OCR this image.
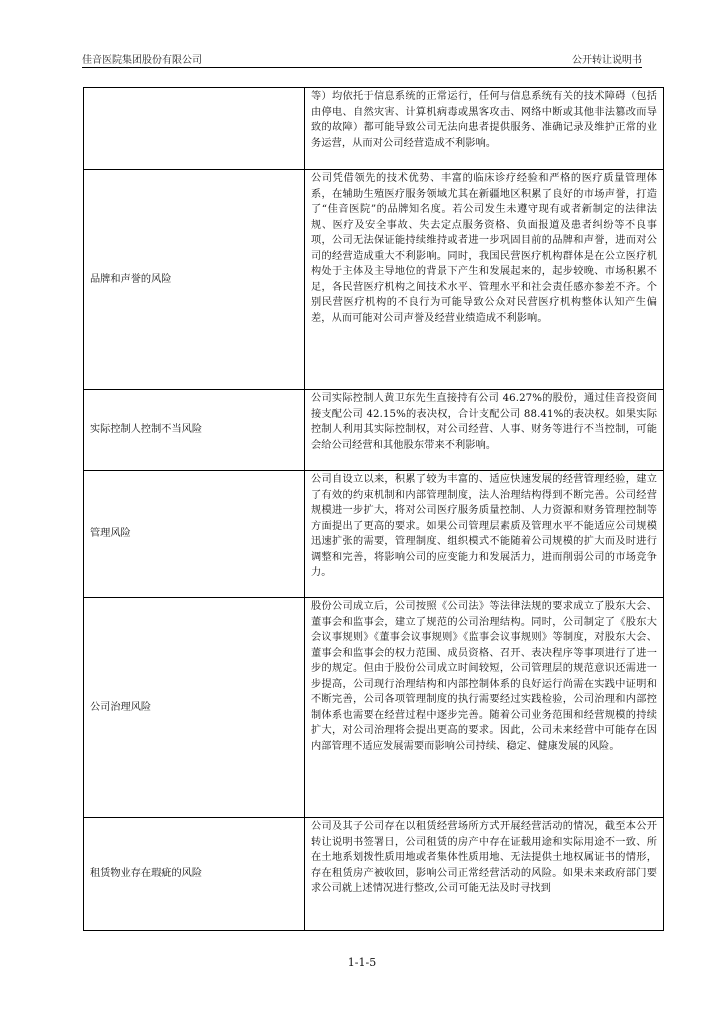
佳音医院集团股份有限公司	公开转让说明书
	等）均依托于信息系统的正常运行，任何与信息系统有关的技术障碍（包括由停电、自然灾害、计算机病毒或黑客攻击、网络中断或其他非法篡改而导致的故障）都可能导致公司无法向患者提供服务、准确记录及维护正常的业务运营，从而对公司经营造成不利影响。
品牌和声誉的风险	公司凭借领先的技术优势、丰富的临床诊疗经验和严格的医疗质量管理体系，在辅助生殖医疗服务领域尤其在新疆地区积累了良好的市场声誉，打造了“佳音医院”的品牌知名度。若公司发生未遵守现有或者新制定的法律法规、医疗及安全事故、失去定点服务资格、负面报道及患者纠纷等不良事项，公司无法保证能持续维持或者进一步巩固目前的品牌和声誉，进而对公司的经营造成重大不利影响。同时，我国民营医疗机构群体是在公立医疗机构处于主体及主导地位的背景下产生和发展起来的，起步较晚、市场积累不足，各民营医疗机构之间技术水平、管理水平和社会责任感亦参差不齐。个别民营医疗机构的不良行为可能导致公众对民营医疗机构整体认知产生偏差，从而可能对公司声誉及经营业绩造成不利影响。
实际控制人控制不当风险	公司实际控制人黄卫东先生直接持有公司 46.27%的股份，通过佳音投资间接支配公司 42.15%的表决权，合计支配公司 88.41%的表决权。如果实际控制人利用其实际控制权，对公司经营、人事、财务等进行不当控制，可能会给公司经营和其他股东带来不利影响。
管理风险	公司自设立以来，积累了较为丰富的、适应快速发展的经营管理经验，建立了有效的约束机制和内部管理制度，法人治理结构得到不断完善。公司经营规模进一步扩大，将对公司医疗服务质量控制、人力资源和财务管理控制等方面提出了更高的要求。如果公司管理层素质及管理水平不能适应公司规模迅速扩张的需要，管理制度、组织模式不能随着公司规模的扩大而及时进行调整和完善，将影响公司的应变能力和发展活力，进而削弱公司的市场竞争力。
公司治理风险	股份公司成立后，公司按照《公司法》等法律法规的要求成立了股东大会、董事会和监事会，建立了规范的公司治理结构。同时，公司制定了《股东大会议事规则》《董事会议事规则》《监事会议事规则》等制度，对股东大会、董事会和监事会的权力范围、成员资格、召开、表决程序等事项进行了进一步的规定。但由于股份公司成立时间较短，公司管理层的规范意识还需进一步提高，公司现行治理结构和内部控制体系的良好运行尚需在实践中证明和不断完善，公司各项管理制度的执行需要经过实践检验，公司治理和内部控制体系也需要在经营过程中逐步完善。随着公司业务范围和经营规模的持续扩大，对公司治理将会提出更高的要求。因此，公司未来经营中可能存在因内部管理不适应发展需要而影响公司持续、稳定、健康发展的风险。
租赁物业存在瑕疵的风险	公司及其子公司存在以租赁经营场所方式开展经营活动的情况，截至本公开转让说明书签署日，公司租赁的房产中存在证载用途和实际用途不一致、所在土地系划拨性质用地或者集体性质用地、无法提供土地权属证书的情形，存在租赁房产被收回，影响公司正常经营活动的风险。如果未来政府部门要求公司就上述情况进行整改,公司可能无法及时寻找到
1-1-5
